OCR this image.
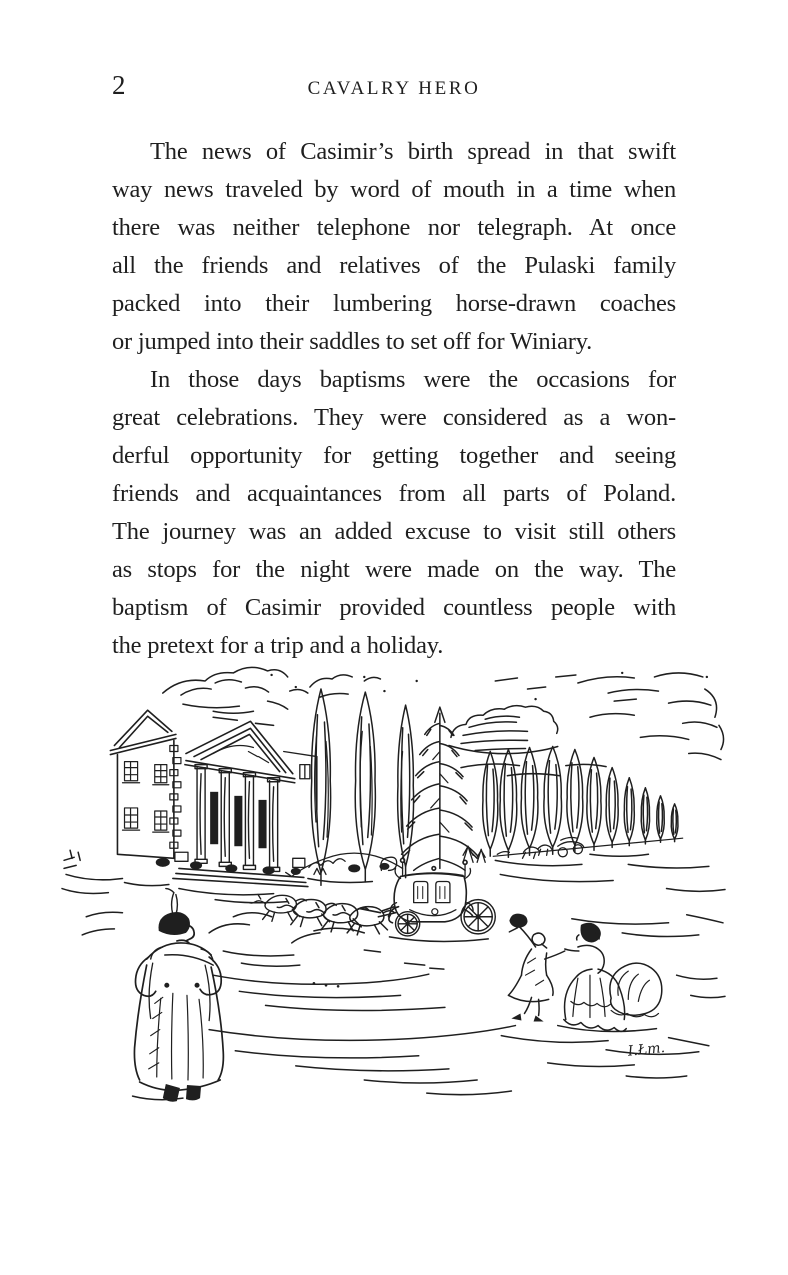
2	CAVALRY HERO

The news of Casimir’s birth spread in that swift
way news traveled by word of mouth in a time when
there was neither telephone nor telegraph. At once
all the friends and relatives of the Pulaski family
packed into their lumbering horse-drawn coaches
or jumped into their saddles to set off for Winiary.

In those days baptisms were the occasions for
great celebrations. They were considered as a won-
derful opportunity for getting together and seeing
friends and acquaintances from all parts of Poland.
The journey was an added excuse to visit still others
as stops for the night were made on the way. The
baptism of Casimir provided countless people with
the pretext for a trip and a holiday.

I.Łm.
